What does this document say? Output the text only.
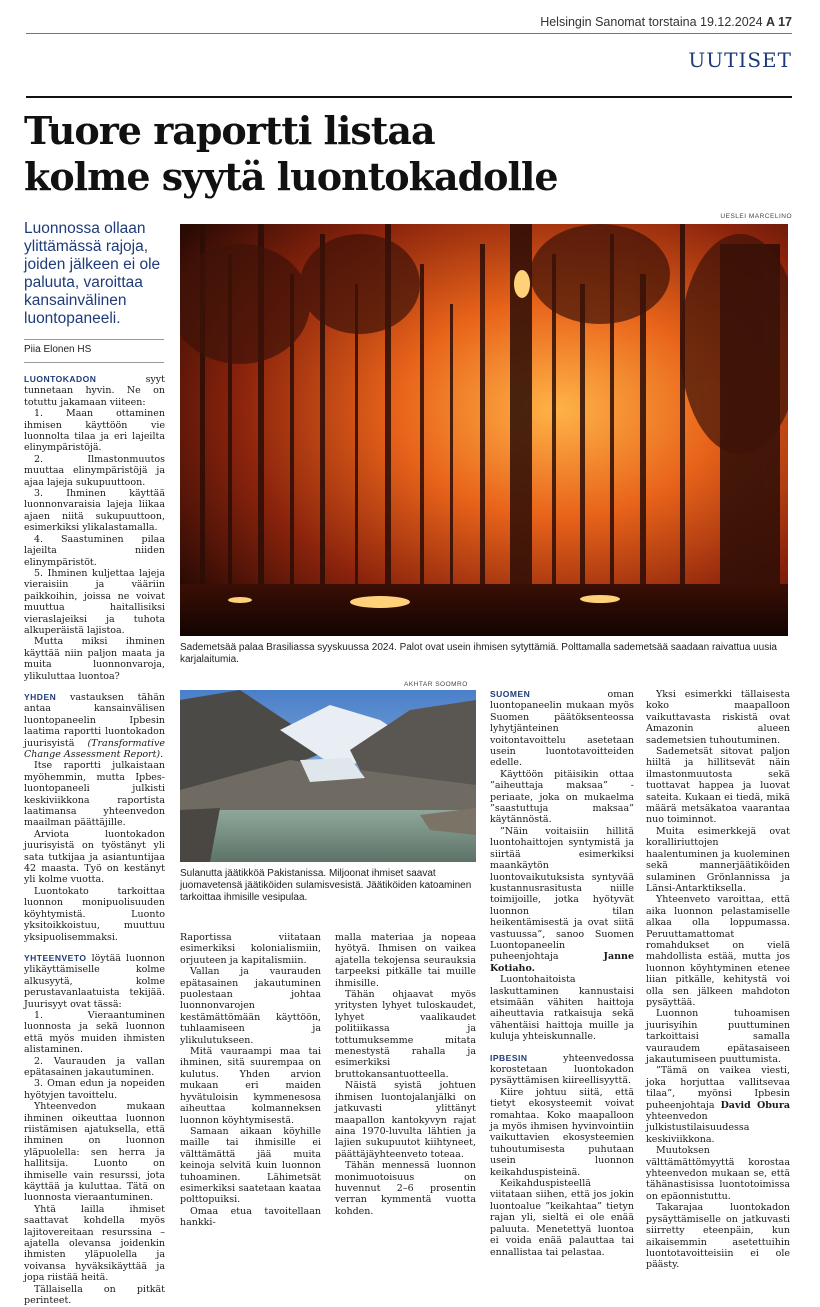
Helsingin Sanomat torstaina 19.12.2024 A 17
UUTISET
Tuore raportti listaa
kolme syytä luontokadolle
Luonnossa ollaan ylittämässä rajoja, joiden jälkeen ei ole paluuta, varoittaa kansainvälinen luontopaneeli.
Piia Elonen HS
UESLEI MARCELINO
Sademetsää palaa Brasiliassa syyskuussa 2024. Palot ovat usein ihmisen sytyttämiä. Polttamalla sademetsää saadaan raivattua uusia karjalaitumia.
AKHTAR SOOMRO
Sulanutta jäätikköä Pakistanissa. Miljoonat ihmiset saavat juomavetensä jäätiköiden sulamisvesistä. Jäätiköiden katoaminen tarkoittaa ihmisille vesipulaa.

LUONTOKADON	syyt tunnetaan hyvin. Ne on totuttu jakamaan viiteen:

1. Maan ottaminen ihmisen käyttöön vie luonnolta tilaa ja eri lajeilta elinympäristöjä.

2. Ilmastonmuutos muuttaa elinympäristöjä ja ajaa lajeja sukupuuttoon.

3. Ihminen käyttää luonnonvaraisia lajeja liikaa ajaen niitä sukupuuttoon, esimerkiksi ylikalastamalla.

4. Saastuminen pilaa lajeilta niiden elinympäristöt.

5. Ihminen kuljettaa lajeja vieraisiin ja vääriin paikkoihin, joissa ne voivat muuttua haitallisiksi vieraslajeiksi ja tuhota alkuperäistä lajistoa.

Mutta miksi ihminen käyttää niin paljon maata ja muita luonnonvaroja, ylikuluttaa luontoa?

YHDEN vastauksen tähän antaa kansainvälisen luontopaneelin Ipbesin laatima raportti luontokadon juurisyistä (Transformative Change Assessment Report).

Itse raportti julkaistaan myöhemmin, mutta Ipbes-luontopaneeli julkisti keskiviikkona raportista laatimansa yhteenvedon maailman päättäjille.

Arviota luontokadon juurisyistä on työstänyt yli sata tutkijaa ja asiantuntijaa 42 maasta. Työ on kestänyt yli kolme vuotta.

Luontokato tarkoittaa luonnon monipuolisuuden köyhtymistä. Luonto yksitoikkoistuu, muuttuu yksipuolisemmaksi.

YHTEENVETO löytää luonnon ylikäyttämiselle kolme alkusyytä, kolme perustavanlaatuista tekijää. Juurisyyt ovat tässä:

1. Vieraantuminen luonnosta ja sekä luonnon että myös muiden ihmisten alistaminen.

2. Vaurauden ja vallan epätasainen jakautuminen.

3. Oman edun ja nopeiden hyötyjen tavoittelu.

Yhteenvedon mukaan ihminen oikeuttaa luonnon riistämisen ajatuksella, että ihminen on luonnon yläpuolella: sen herra ja hallitsija. Luonto on ihmiselle vain resurssi, jota käyttää ja kuluttaa. Tätä on luonnosta vieraantuminen.

Yhtä lailla ihmiset saattavat kohdella myös lajitovereitaan resurssina – ajatella olevansa joidenkin ihmisten yläpuolella ja voivansa hyväksikäyttää ja jopa riistää heitä.

Tällaisella on pitkät perinteet.

Raportissa viitataan esimerkiksi kolonialismiin, orjuuteen ja kapitalismiin.

Vallan ja vaurauden epätasainen jakautuminen puolestaan johtaa luonnonvarojen kestämättömään käyttöön, tuhlaamiseen ja ylikulutukseen.

Mitä vauraampi maa tai ihminen, sitä suurempaa on kulutus. Yhden arvion mukaan eri maiden hyvätuloisin kymmenesosa aiheuttaa kolmanneksen luonnon köyhtymisestä.

Samaan aikaan köyhille maille tai ihmisille ei välttämättä jää muita keinoja selvitä kuin luonnon tuhoaminen. Lähimetsät esimerkiksi saatetaan kaataa polttopuiksi.

Omaa etua tavoitellaan hankki-

malla materiaa ja nopeaa hyötyä. Ihmisen on vaikea ajatella tekojensa seurauksia tarpeeksi pitkälle tai muille ihmisille.

Tähän ohjaavat myös yritysten lyhyet tuloskaudet, lyhyet vaalikaudet politiikassa ja tottumuksemme mitata menestystä rahalla ja esimerkiksi bruttokansantuotteella.

Näistä syistä johtuen ihmisen luontojalanjälki on jatkuvasti ylittänyt maapallon kantokyvyn rajat aina 1970-luvulta lähtien ja lajien sukupuutot kiihtyneet, päättäjäyhteenveto toteaa.

Tähän mennessä luonnon monimuotoisuus on huvennut 2–6 prosentin verran kymmentä vuotta kohden.

SUOMEN	oman luontopaneelin mukaan myös Suomen päätöksenteossa lyhytjänteinen voitontavoittelu asetetaan usein luontotavoitteiden edelle.

Käyttöön pitäisikin ottaa ”aiheuttaja maksaa” -periaate, joka on mukaelma ”saastuttuja maksaa” käytännöstä.

”Näin voitaisiin hillitä luontohaittojen syntymistä ja siirtää esimerkiksi maankäytön luontovaikutuksista syntyvää kustannusrasitusta niille toimijoille, jotka hyötyvät luonnon tilan heikentämisestä ja ovat siitä vastuussa”, sanoo Suomen Luontopaneelin puheenjohtaja	Janne Kotiaho.

Luontohaitoista laskuttaminen kannustaisi etsimään vähiten haittoja aiheuttavia ratkaisuja sekä vähentäisi haittoja muille ja kuluja yhteiskunnalle.

IPBESIN	yhteenvedossa korostetaan luontokadon pysäyttämisen kiireellisyyttä.

Kiire johtuu siitä, että tietyt ekosysteemit voivat romahtaa. Koko maapalloon ja myös ihmisen hyvinvointiin vaikuttavien ekosysteemien tuhoutumisesta puhutaan usein luonnon keikahduspisteinä.

Keikahduspisteellä viitataan siihen, että jos jokin luontoalue ”keikahtaa” tietyn rajan yli, sieltä ei ole enää paluuta. Menetettyä luontoa ei voida enää palauttaa tai ennallistaa tai pelastaa.

Yksi esimerkki tällaisesta koko maapalloon vaikuttavasta riskistä ovat Amazonin alueen sademetsien tuhoutuminen.

Sademetsät sitovat paljon hiiltä ja hillitsevät näin ilmastonmuutosta sekä tuottavat happea ja luovat sateita. Kukaan ei tiedä, mikä määrä metsäkatoa vaarantaa nuo toiminnot.

Muita esimerkkejä ovat koralliriuttojen haalentuminen ja kuoleminen sekä mannerjäätiköiden sulaminen Grönlannissa ja Länsi-Antarktiksella.

Yhteenveto varoittaa, että aika luonnon pelastamiselle alkaa olla loppumassa. Peruuttamattomat romahdukset on vielä mahdollista estää, mutta jos luonnon köyhtyminen etenee liian pitkälle, kehitystä voi olla sen jälkeen mahdoton pysäyttää.

Luonnon tuhoamisen juurisyihin puuttuminen tarkoittaisi samalla vauraudem epätasaiseen jakautumiseen puuttumista.

”Tämä on vaikea viesti, joka horjuttaa vallitsevaa tilaa”, myönsi Ipbesin puheenjohtaja David Obura yhteenvedon julkistustilaisuudessa keskiviikkona.

Muutoksen välttämättömyyttä korostaa yhteenvedon mukaan se, että tähänastisissa luontotoimissa on epäonnistuttu.

Takarajaa luontokadon pysäyttämiselle on jatkuvasti siirretty eteenpäin, kun aikaisemmin asetettuihin luontotavoitteisiin ei ole päästy.
